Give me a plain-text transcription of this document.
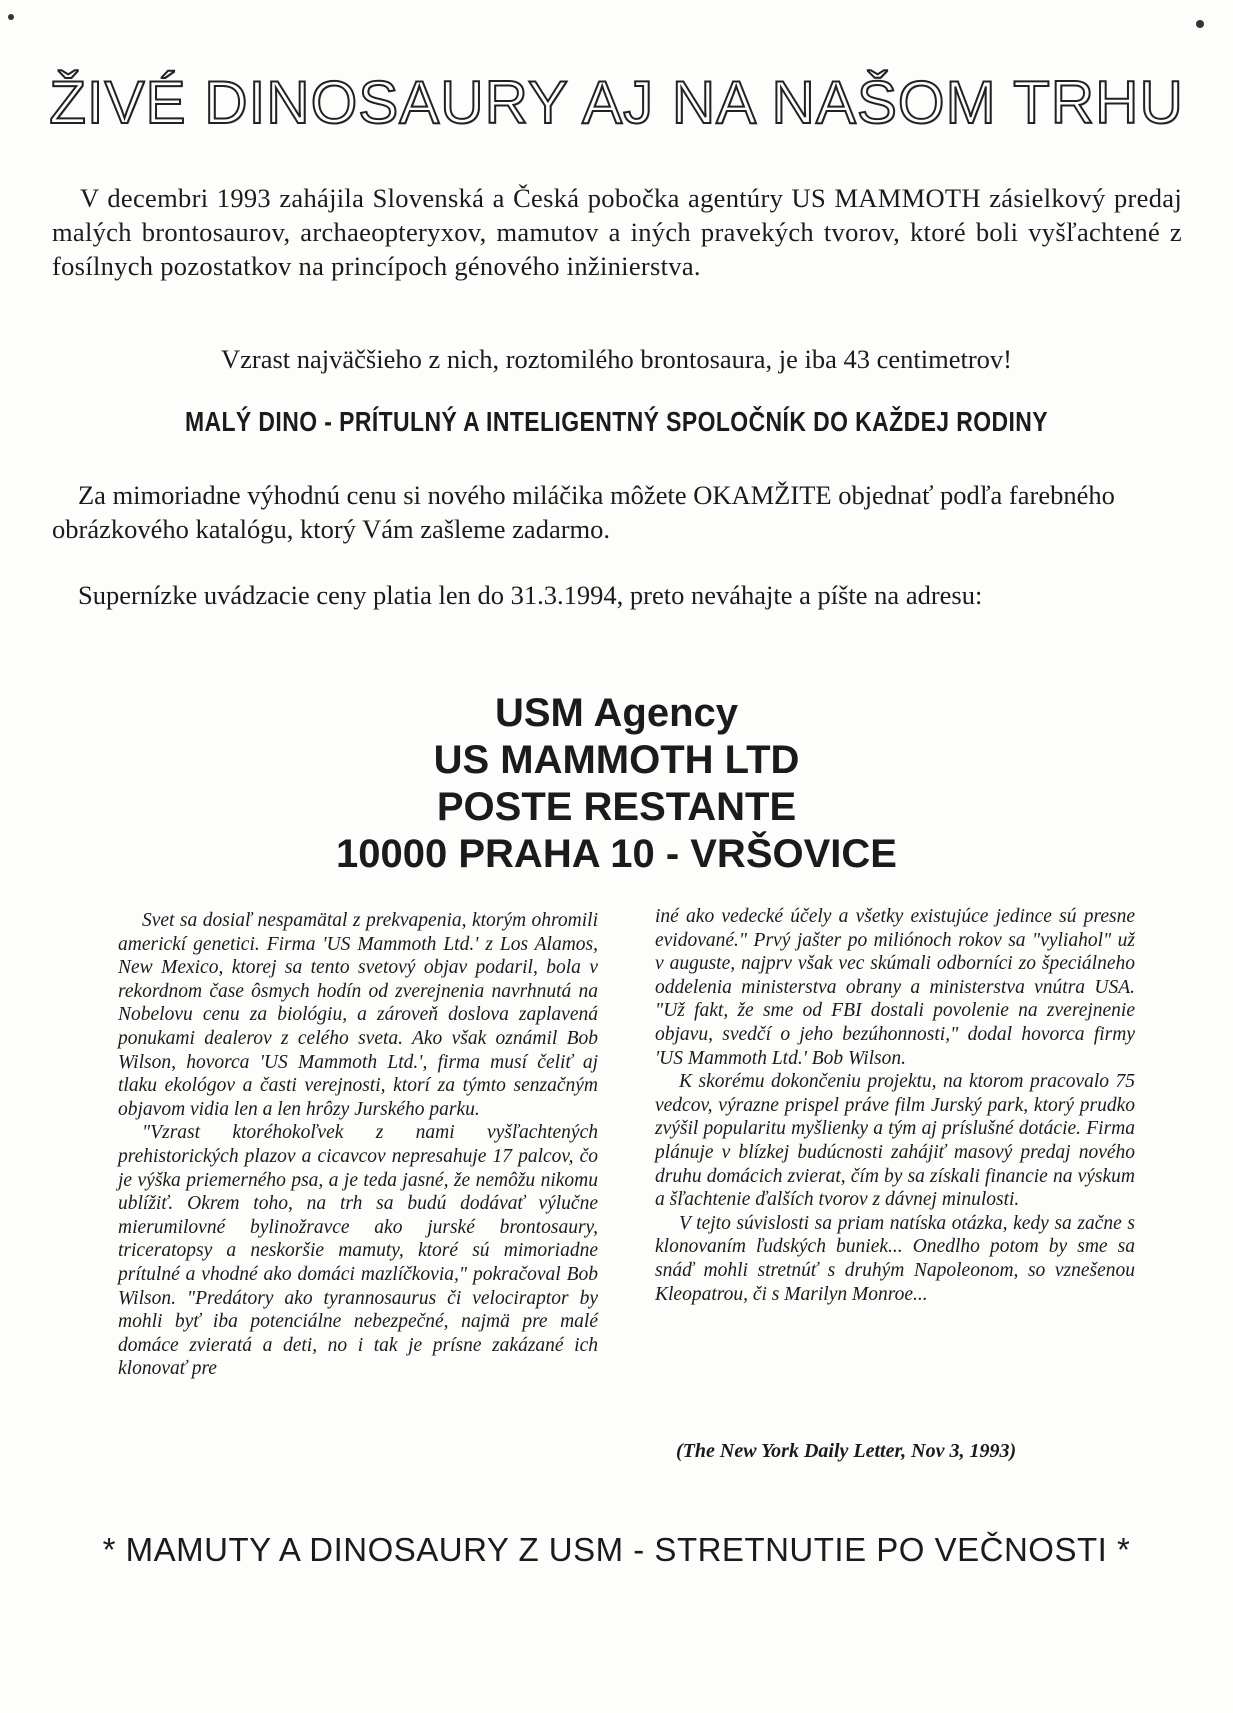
ŽIVÉ DINOSAURY AJ NA NAŠOM TRHU
V decembri 1993 zahájila Slovenská a Česká pobočka agentúry US MAMMOTH zásielkový predaj malých brontosaurov, archaeopteryxov, mamutov a iných pravekých tvorov, ktoré boli vyšľachtené z fosílnych pozostatkov na princípoch génového inžinierstva.
Vzrast najväčšieho z nich, roztomilého brontosaura, je iba 43 centimetrov!
MALÝ DINO - PRÍTULNÝ A INTELIGENTNÝ SPOLOČNÍK DO KAŽDEJ RODINY
Za mimoriadne výhodnú cenu si nového miláčika môžete OKAMŽITE objednať podľa farebného obrázkového katalógu, ktorý Vám zašleme zadarmo.
Supernízke uvádzacie ceny platia len do 31.3.1994, preto neváhajte a píšte na adresu:
USM Agency
US MAMMOTH LTD
POSTE RESTANTE
10000 PRAHA 10 - VRŠOVICE

Svet sa dosiaľ nespamätal z prekvapenia, ktorým ohromili americkí genetici. Firma 'US Mammoth Ltd.' z Los Alamos, New Mexico, ktorej sa tento svetový objav podaril, bola v rekordnom čase ôsmych hodín od zverejnenia navrhnutá na Nobelovu cenu za biológiu, a zároveň doslova zaplavená ponukami dealerov z celého sveta. Ako však oznámil Bob Wilson, hovorca 'US Mammoth Ltd.', firma musí čeliť aj tlaku ekológov a časti verejnosti, ktorí za týmto senzačným objavom vidia len a len hrôzy Jurského parku.

"Vzrast ktoréhokoľvek z nami vyšľachtených prehistorických plazov a cicavcov nepresahuje 17 palcov, čo je výška priemerného psa, a je teda jasné, že nemôžu nikomu ublížiť. Okrem toho, na trh sa budú dodávať výlučne mierumilovné bylinožravce ako jurské brontosaury, triceratopsy a neskoršie mamuty, ktoré sú mimoriadne prítulné a vhodné ako domáci mazlíčkovia," pokračoval Bob Wilson. "Predátory ako tyrannosaurus či velociraptor by mohli byť iba potenciálne nebezpečné, najmä pre malé domáce zvieratá a deti, no i tak je prísne zakázané ich klonovať pre

iné ako vedecké účely a všetky existujúce jedince sú presne evidované." Prvý jašter po miliónoch rokov sa "vyliahol" už v auguste, najprv však vec skúmali odborníci zo špeciálneho oddelenia ministerstva obrany a ministerstva vnútra USA. "Už fakt, že sme od FBI dostali povolenie na zverejnenie objavu, svedčí o jeho bezúhonnosti," dodal hovorca firmy 'US Mammoth Ltd.' Bob Wilson.

K skorému dokončeniu projektu, na ktorom pracovalo 75 vedcov, výrazne prispel práve film Jurský park, ktorý prudko zvýšil popularitu myšlienky a tým aj príslušné dotácie. Firma plánuje v blízkej budúcnosti zahájiť masový predaj nového druhu domácich zvierat, čím by sa získali financie na výskum a šľachtenie ďalších tvorov z dávnej minulosti.

V tejto súvislosti sa priam natíska otázka, kedy sa začne s klonovaním ľudských buniek... Onedlho potom by sme sa snáď mohli stretnúť s druhým Napoleonom, so vznešenou Kleopatrou, či s Marilyn Monroe...

(The New York Daily Letter, Nov 3, 1993)
* MAMUTY A DINOSAURY Z USM - STRETNUTIE PO VEČNOSTI *
